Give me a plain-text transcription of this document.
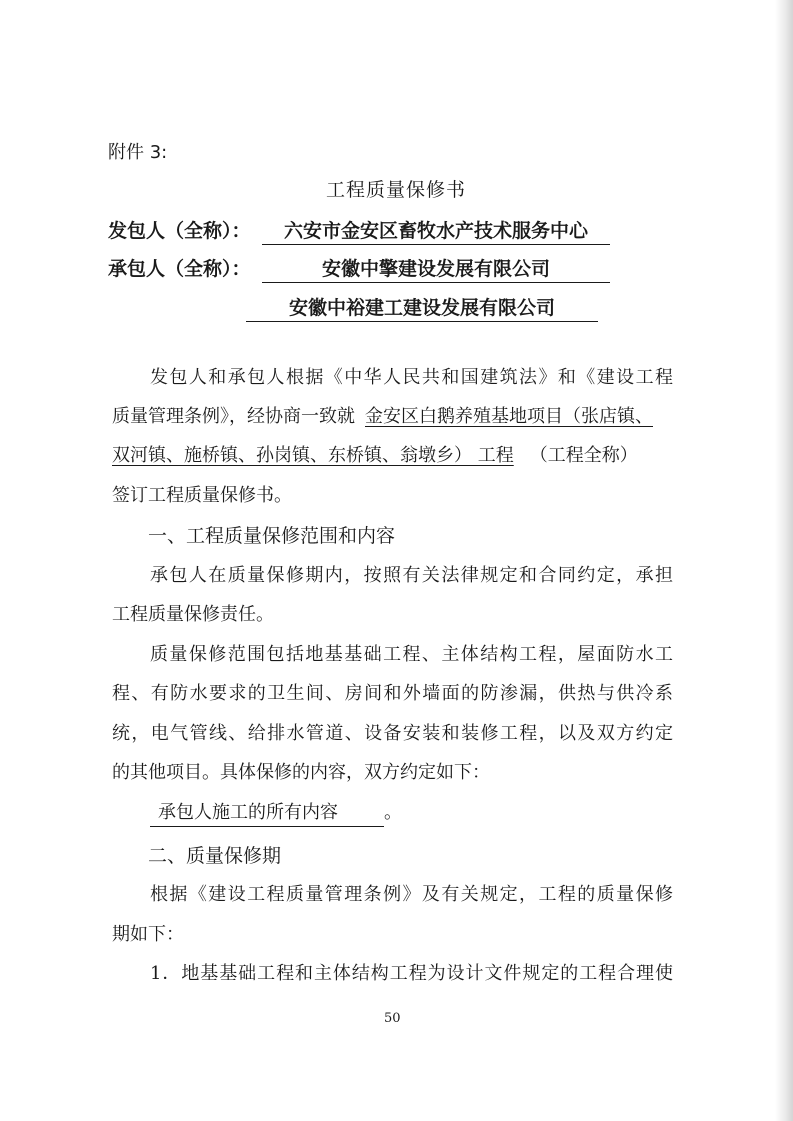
附件 3:
工程质量保修书
发包人（全称）：	六安市金安区畜牧水产技术服务中心
承包人（全称）：	安徽中擎建设发展有限公司
安徽中裕建工建设发展有限公司
发包人和承包人根据《中华人民共和国建筑法》和《建设工程
质量管理条例》，经协商一致就 金安区白鹅养殖基地项目（张店镇、
双河镇、施桥镇、孙岗镇、东桥镇、翁墩乡） 工程 （工程全称）
签订工程质量保修书。
一、工程质量保修范围和内容
承包人在质量保修期内，按照有关法律规定和合同约定，承担
工程质量保修责任。
质量保修范围包括地基基础工程、主体结构工程，屋面防水工
程、有防水要求的卫生间、房间和外墙面的防渗漏，供热与供冷系
统，电气管线、给排水管道、设备安装和装修工程，以及双方约定
的其他项目。具体保修的内容，双方约定如下：
承包人施工的所有内容	。
二、质量保修期
根据《建设工程质量管理条例》及有关规定，工程的质量保修
期如下：
1．地基基础工程和主体结构工程为设计文件规定的工程合理使
50
